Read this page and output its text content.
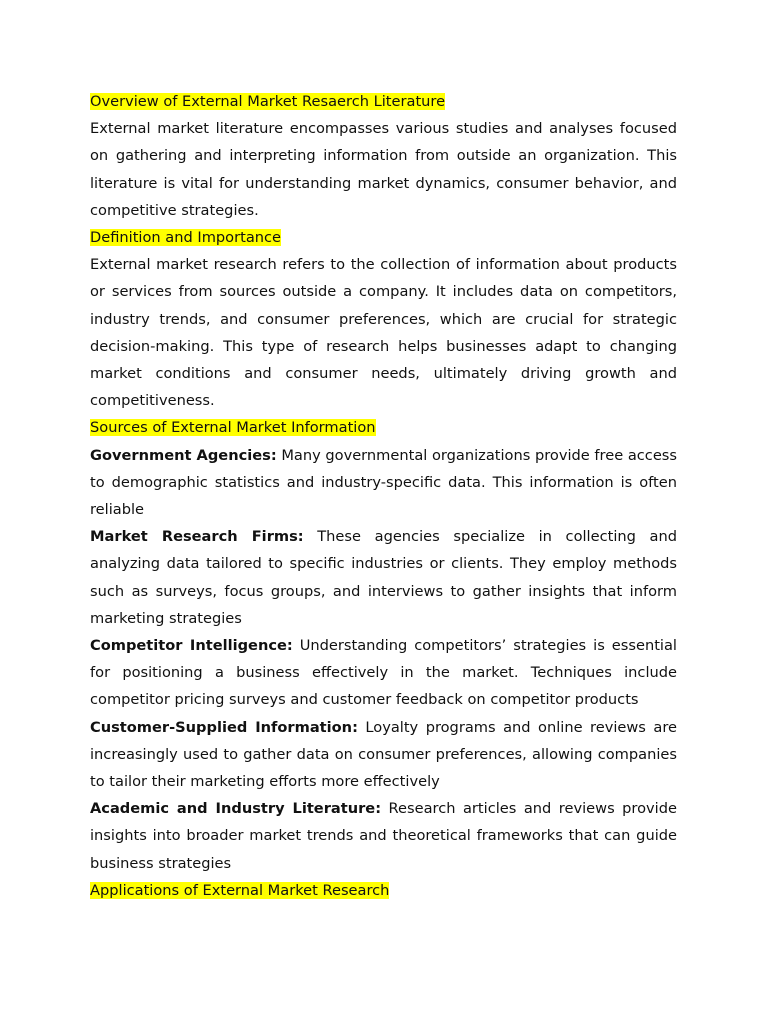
Overview of External Market Resaerch Literature

External market literature encompasses various studies and analyses focused on gathering and interpreting information from outside an organization. This literature is vital for understanding market dynamics, consumer behavior, and competitive strategies.

Definition and Importance

External market research refers to the collection of information about products or services from sources outside a company. It includes data on competitors, industry trends, and consumer preferences, which are crucial for strategic decision-making. This type of research helps businesses adapt to changing market conditions and consumer needs, ultimately driving growth and competitiveness.

Sources of External Market Information

Government Agencies: Many governmental organizations provide free access to demographic statistics and industry-specific data. This information is often reliable

Market Research Firms: These agencies specialize in collecting and analyzing data tailored to specific industries or clients. They employ methods such as surveys, focus groups, and interviews to gather insights that inform marketing strategies

Competitor Intelligence: Understanding competitors’ strategies is essential for positioning a business effectively in the market. Techniques include competitor pricing surveys and customer feedback on competitor products

Customer-Supplied Information: Loyalty programs and online reviews are increasingly used to gather data on consumer preferences, allowing companies to tailor their marketing efforts more effectively

Academic and Industry Literature: Research articles and reviews provide insights into broader market trends and theoretical frameworks that can guide business strategies

Applications of External Market Research
